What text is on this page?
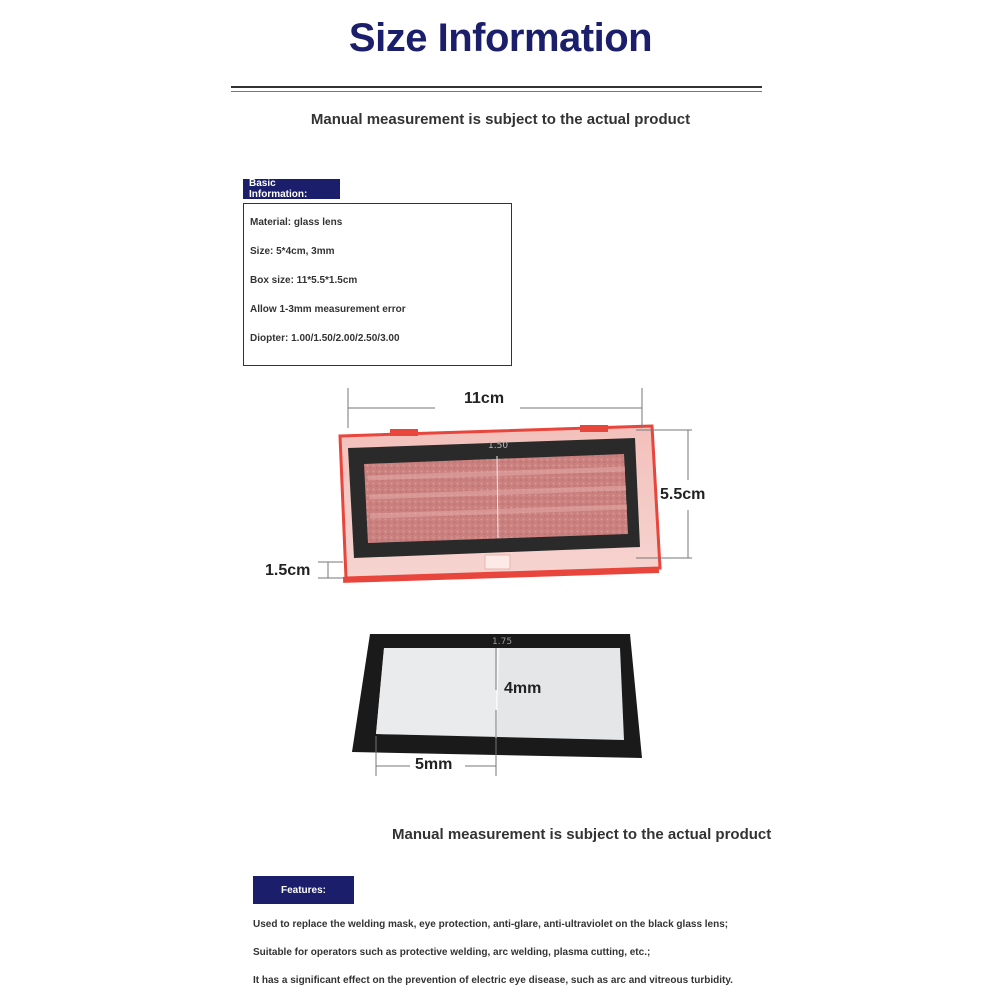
Size Information
Manual measurement is subject to the actual product
Basic Information:
Material: glass lens
Size: 5*4cm, 3mm
Box size: 11*5.5*1.5cm
Allow 1-3mm measurement error
Diopter: 1.00/1.50/2.00/2.50/3.00
1.50
11cm
5.5cm
1.5cm
1.75
4mm
5mm
Manual measurement is subject to the actual product
Features:
Used to replace the welding mask, eye protection, anti-glare, anti-ultraviolet on the black glass lens;
Suitable for operators such as protective welding, arc welding, plasma cutting, etc.;
It has a significant effect on the prevention of electric eye disease, such as arc and vitreous turbidity.
